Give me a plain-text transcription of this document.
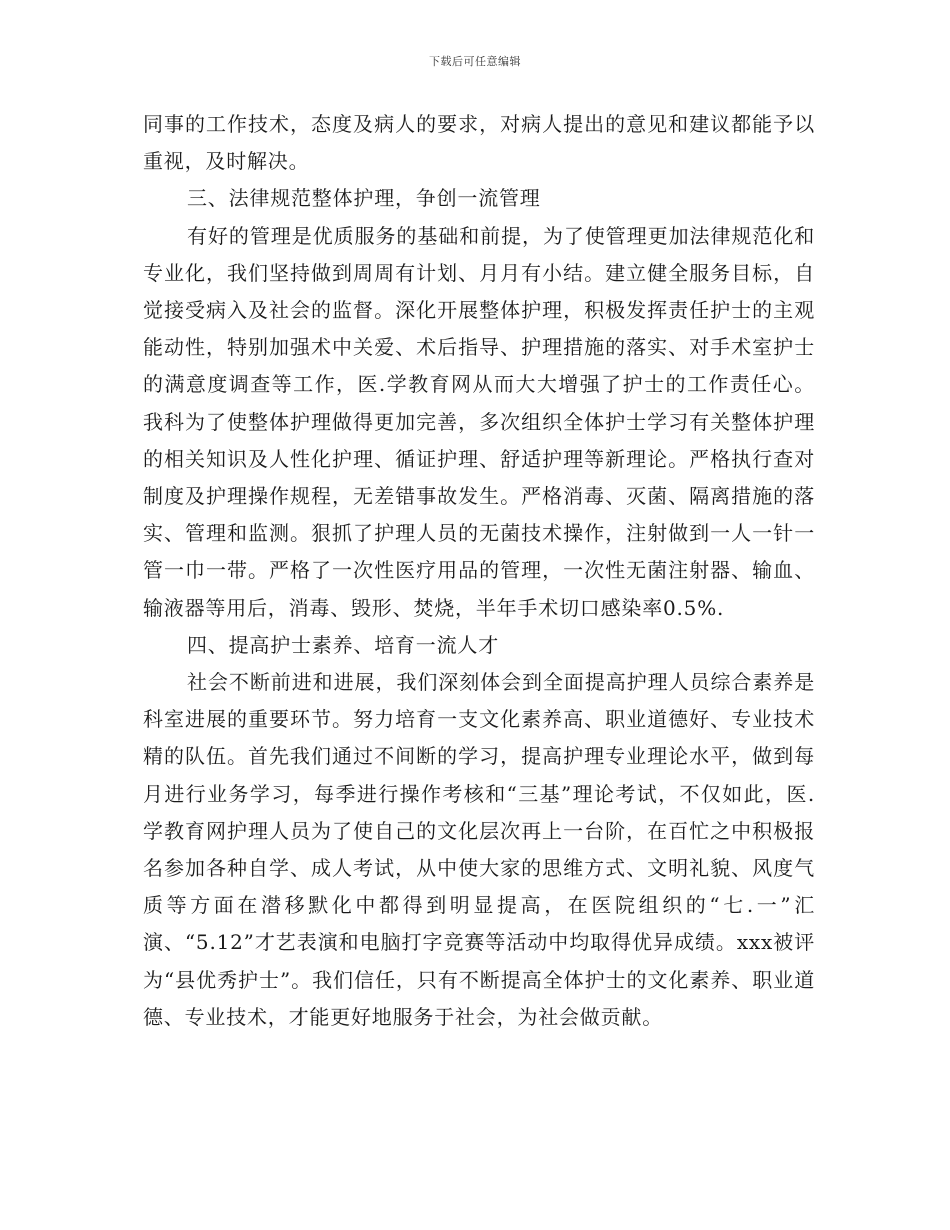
下载后可任意编辑

同事的工作技术，态度及病人的要求，对病人提出的意见和建议都能予以重视，及时解决。

三、法律规范整体护理，争创一流管理

有好的管理是优质服务的基础和前提，为了使管理更加法律规范化和专业化，我们坚持做到周周有计划、月月有小结。建立健全服务目标，自觉接受病入及社会的监督。深化开展整体护理，积极发挥责任护士的主观能动性，特别加强术中关爱、术后指导、护理措施的落实、对手术室护士的满意度调查等工作，医.学教育网从而大大增强了护士的工作责任心。我科为了使整体护理做得更加完善，多次组织全体护士学习有关整体护理的相关知识及人性化护理、循证护理、舒适护理等新理论。严格执行查对制度及护理操作规程，无差错事故发生。严格消毒、灭菌、隔离措施的落实、管理和监测。狠抓了护理人员的无菌技术操作，注射做到一人一针一管一巾一带。严格了一次性医疗用品的管理，一次性无菌注射器、输血、输液器等用后，消毒、毁形、焚烧，半年手术切口感染率0.5%.

四、提高护士素养、培育一流人才

社会不断前进和进展，我们深刻体会到全面提高护理人员综合素养是科室进展的重要环节。努力培育一支文化素养高、职业道德好、专业技术精的队伍。首先我们通过不间断的学习，提高护理专业理论水平，做到每月进行业务学习，每季进行操作考核和“三基”理论考试，不仅如此，医.学教育网护理人员为了使自己的文化层次再上一台阶，在百忙之中积极报名参加各种自学、成人考试，从中使大家的思维方式、文明礼貌、风度气质等方面在潜移默化中都得到明显提高，在医院组织的“七.一”汇演、“5.12”才艺表演和电脑打字竞赛等活动中均取得优异成绩。xxx被评为“县优秀护士”。我们信任，只有不断提高全体护士的文化素养、职业道德、专业技术，才能更好地服务于社会，为社会做贡献。
